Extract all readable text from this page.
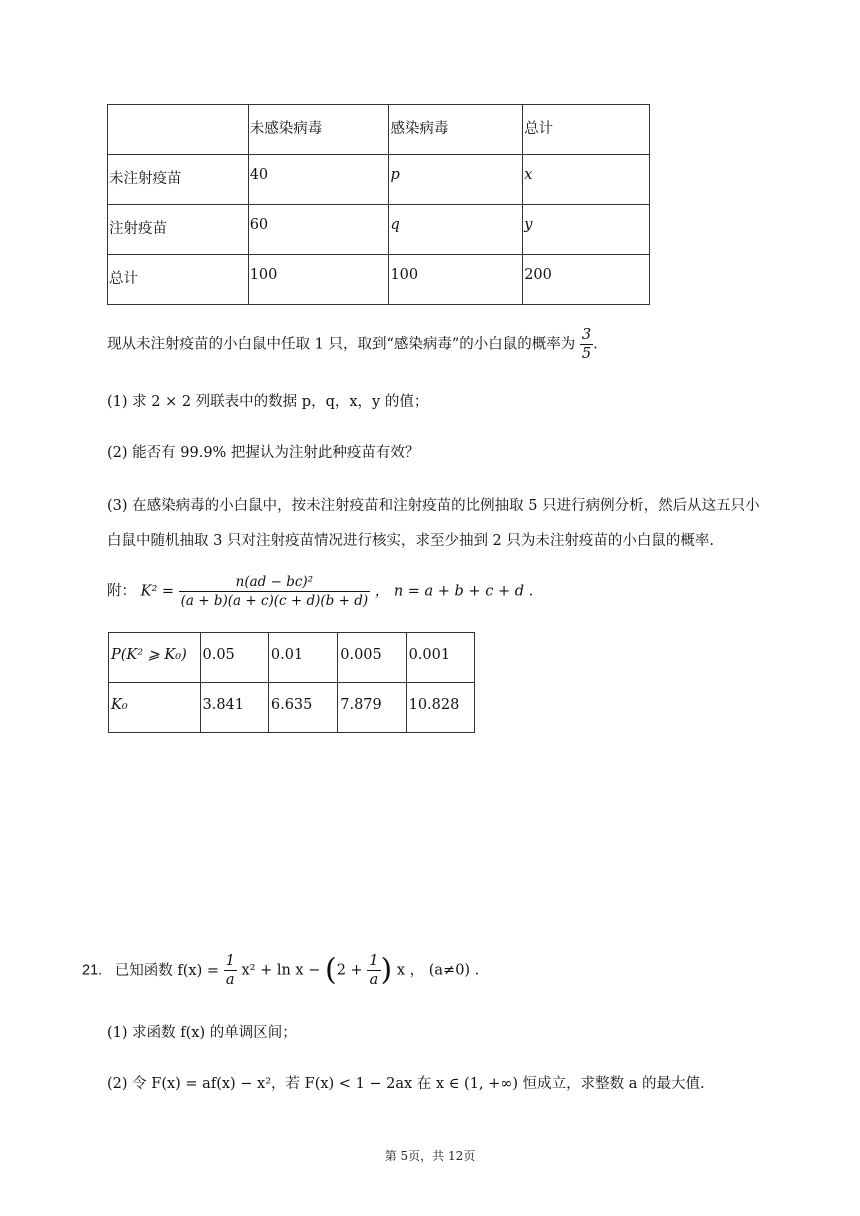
	未感染病毒	感染病毒	总计

未注射疫苗	40	p	x

注射疫苗	60	q	y

总计	100	100	200
现从未注射疫苗的小白鼠中任取 1 只，取到“感染病毒”的小白鼠的概率为 $\frac{3}{5}$ .
(1) 求 2 × 2 列联表中的数据 p，q，x，y 的值；
(2) 能否有 99.9% 把握认为注射此种疫苗有效？
(3) 在感染病毒的小白鼠中，按未注射疫苗和注射疫苗的比例抽取 5 只进行病例分析，然后从这五只小
白鼠中随机抽取 3 只对注射疫苗情况进行核实，求至少抽到 2 只为未注射疫苗的小白鼠的概率.
附： $K^2 = \frac{\text{n(ad − bc)²}}{(a + b)(a + c)(c + d)(b + d)}$ ， n = a + b + c + d .
P(K² ⩾ K₀)	0.05	0.01	0.005	0.001

K₀	3.841	6.635	7.879	10.828
21. 已知函数 $f(x) = \frac{1}{a} x^2 + \ln x - (2 + \frac{1}{a}$ ) x ， (a≠0) .
(1) 求函数 f(x) 的单调区间；
(2) 令 F(x) = af(x) − x²，若 F(x) < 1 − 2ax 在 x ∈ (1, +∞) 恒成立，求整数 a 的最大值.
第 5页，共 12页
